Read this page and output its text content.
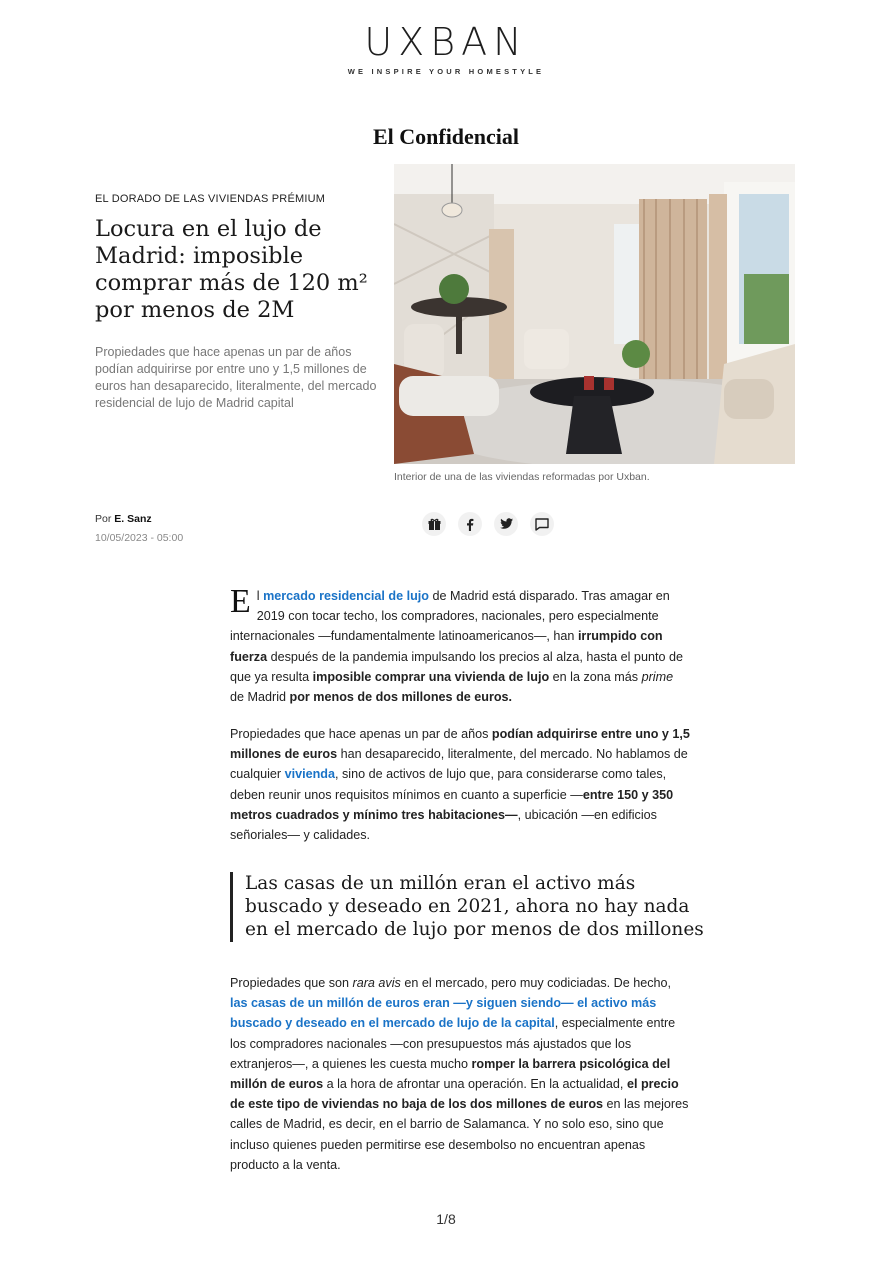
UXBAN
WE INSPIRE YOUR HOMESTYLE
El Confidencial
EL DORADO DE LAS VIVIENDAS PRÉMIUM
Locura en el lujo de Madrid: imposible comprar más de 120 m² por menos de 2M
Propiedades que hace apenas un par de años podían adquirirse por entre uno y 1,5 millones de euros han desaparecido, literalmente, del mercado residencial de lujo de Madrid capital
Interior de una de las viviendas reformadas por Uxban.
Por E. Sanz
10/05/2023 - 05:00

El mercado residencial de lujo de Madrid está disparado. Tras amagar en 2019 con tocar techo, los compradores, nacionales, pero especialmente internacionales —fundamentalmente latinoamericanos—, han irrumpido con fuerza después de la pandemia impulsando los precios al alza, hasta el punto de que ya resulta imposible comprar una vivienda de lujo en la zona más prime de Madrid por menos de dos millones de euros.

Propiedades que hace apenas un par de años podían adquirirse entre uno y 1,5 millones de euros han desaparecido, literalmente, del mercado. No hablamos de cualquier vivienda, sino de activos de lujo que, para considerarse como tales, deben reunir unos requisitos mínimos en cuanto a superficie —entre 150 y 350 metros cuadrados y mínimo tres habitaciones—, ubicación —en edificios señoriales— y calidades.

Las casas de un millón eran el activo más buscado y deseado en 2021, ahora no hay nada en el mercado de lujo por menos de dos millones

Propiedades que son rara avis en el mercado, pero muy codiciadas. De hecho, las casas de un millón de euros eran —y siguen siendo— el activo más buscado y deseado en el mercado de lujo de la capital, especialmente entre los compradores nacionales —con presupuestos más ajustados que los extranjeros—, a quienes les cuesta mucho romper la barrera psicológica del millón de euros a la hora de afrontar una operación. En la actualidad, el precio de este tipo de viviendas no baja de los dos millones de euros en las mejores calles de Madrid, es decir, en el barrio de Salamanca. Y no solo eso, sino que incluso quienes pueden permitirse ese desembolso no encuentran apenas producto a la venta.

1/8
